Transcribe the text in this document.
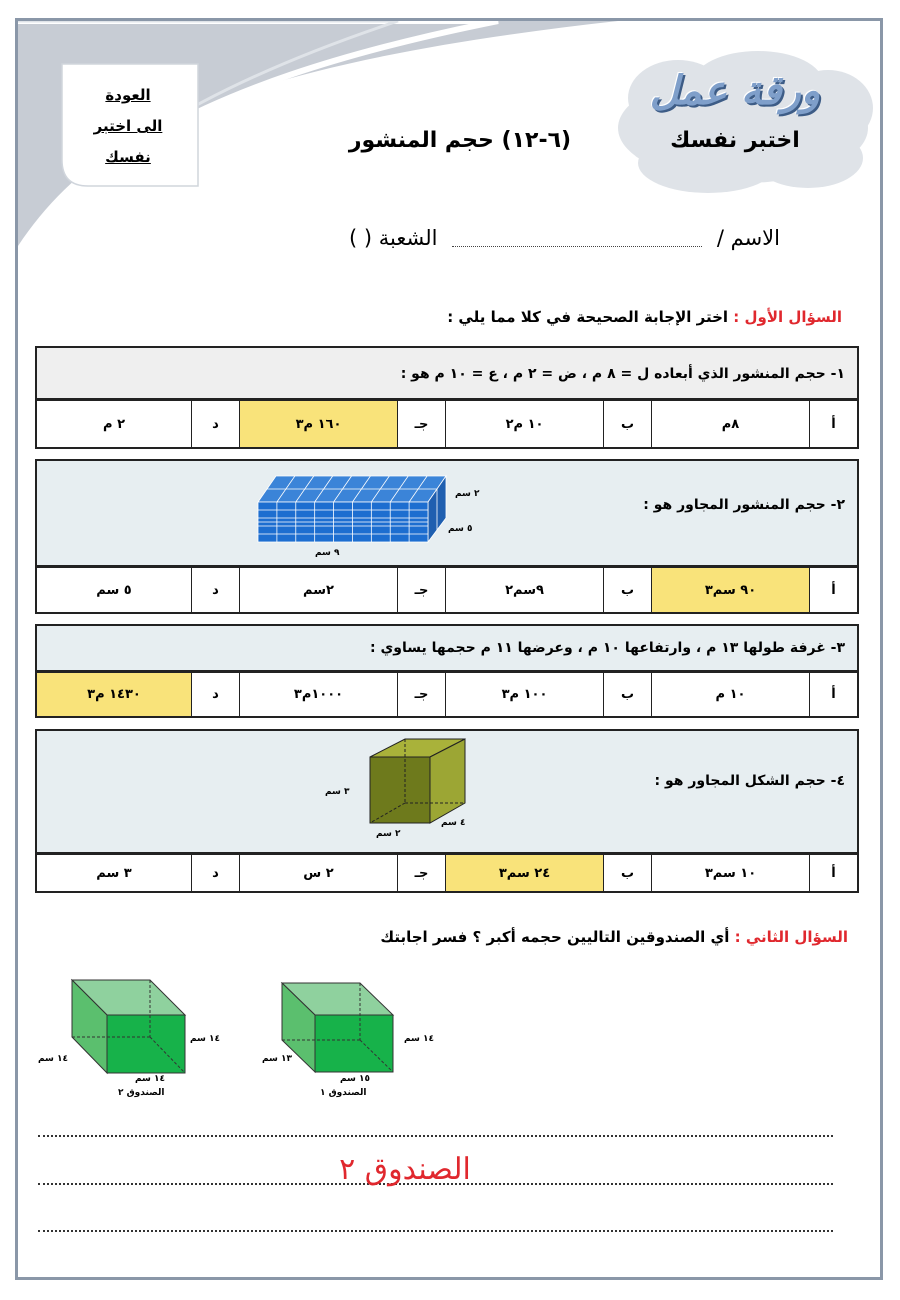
العودة
الى اختبر
نفسك
ورقة عمل
اختبر نفسك
(٦-١٢) حجم المنشور
الاسم /  الشعبة ( )
السؤال الأول : اختر الإجابة الصحيحة في كلا مما يلي :
١- حجم المنشور الذي أبعاده ل = ٨ م ، ض = ٢ م ، ع = ١٠ م هو :
أ
٨م
ب
١٠ م٢
جـ
١٦٠ م٣
د
٢ م
٢- حجم المنشور المجاور هو :
٢ سم
٥ سم
٩ سم
أ
٩٠ سم٣
ب
٩سم٢
جـ
٢سم
د
٥ سم
٣- غرفة طولها ١٣ م ، وارتفاعها ١٠ م ، وعرضها ١١ م حجمها يساوي :
أ
١٠ م
ب
١٠٠ م٣
جـ
١٠٠٠م٣
د
١٤٣٠ م٣
٤- حجم الشكل المجاور هو :
٣ سم
٢ سم
٤ سم
أ
١٠ سم٣
ب
٢٤ سم٣
جـ
٢ س
د
٣ سم
السؤال الثاني : أي الصندوقين التاليين حجمه أكبر ؟ فسر اجابتك
١٤ سم
١٤ سم
١٤ سم
الصندوق ٢
١٤ سم
١٣ سم
١٥ سم
الصندوق ١
الصندوق ٢
